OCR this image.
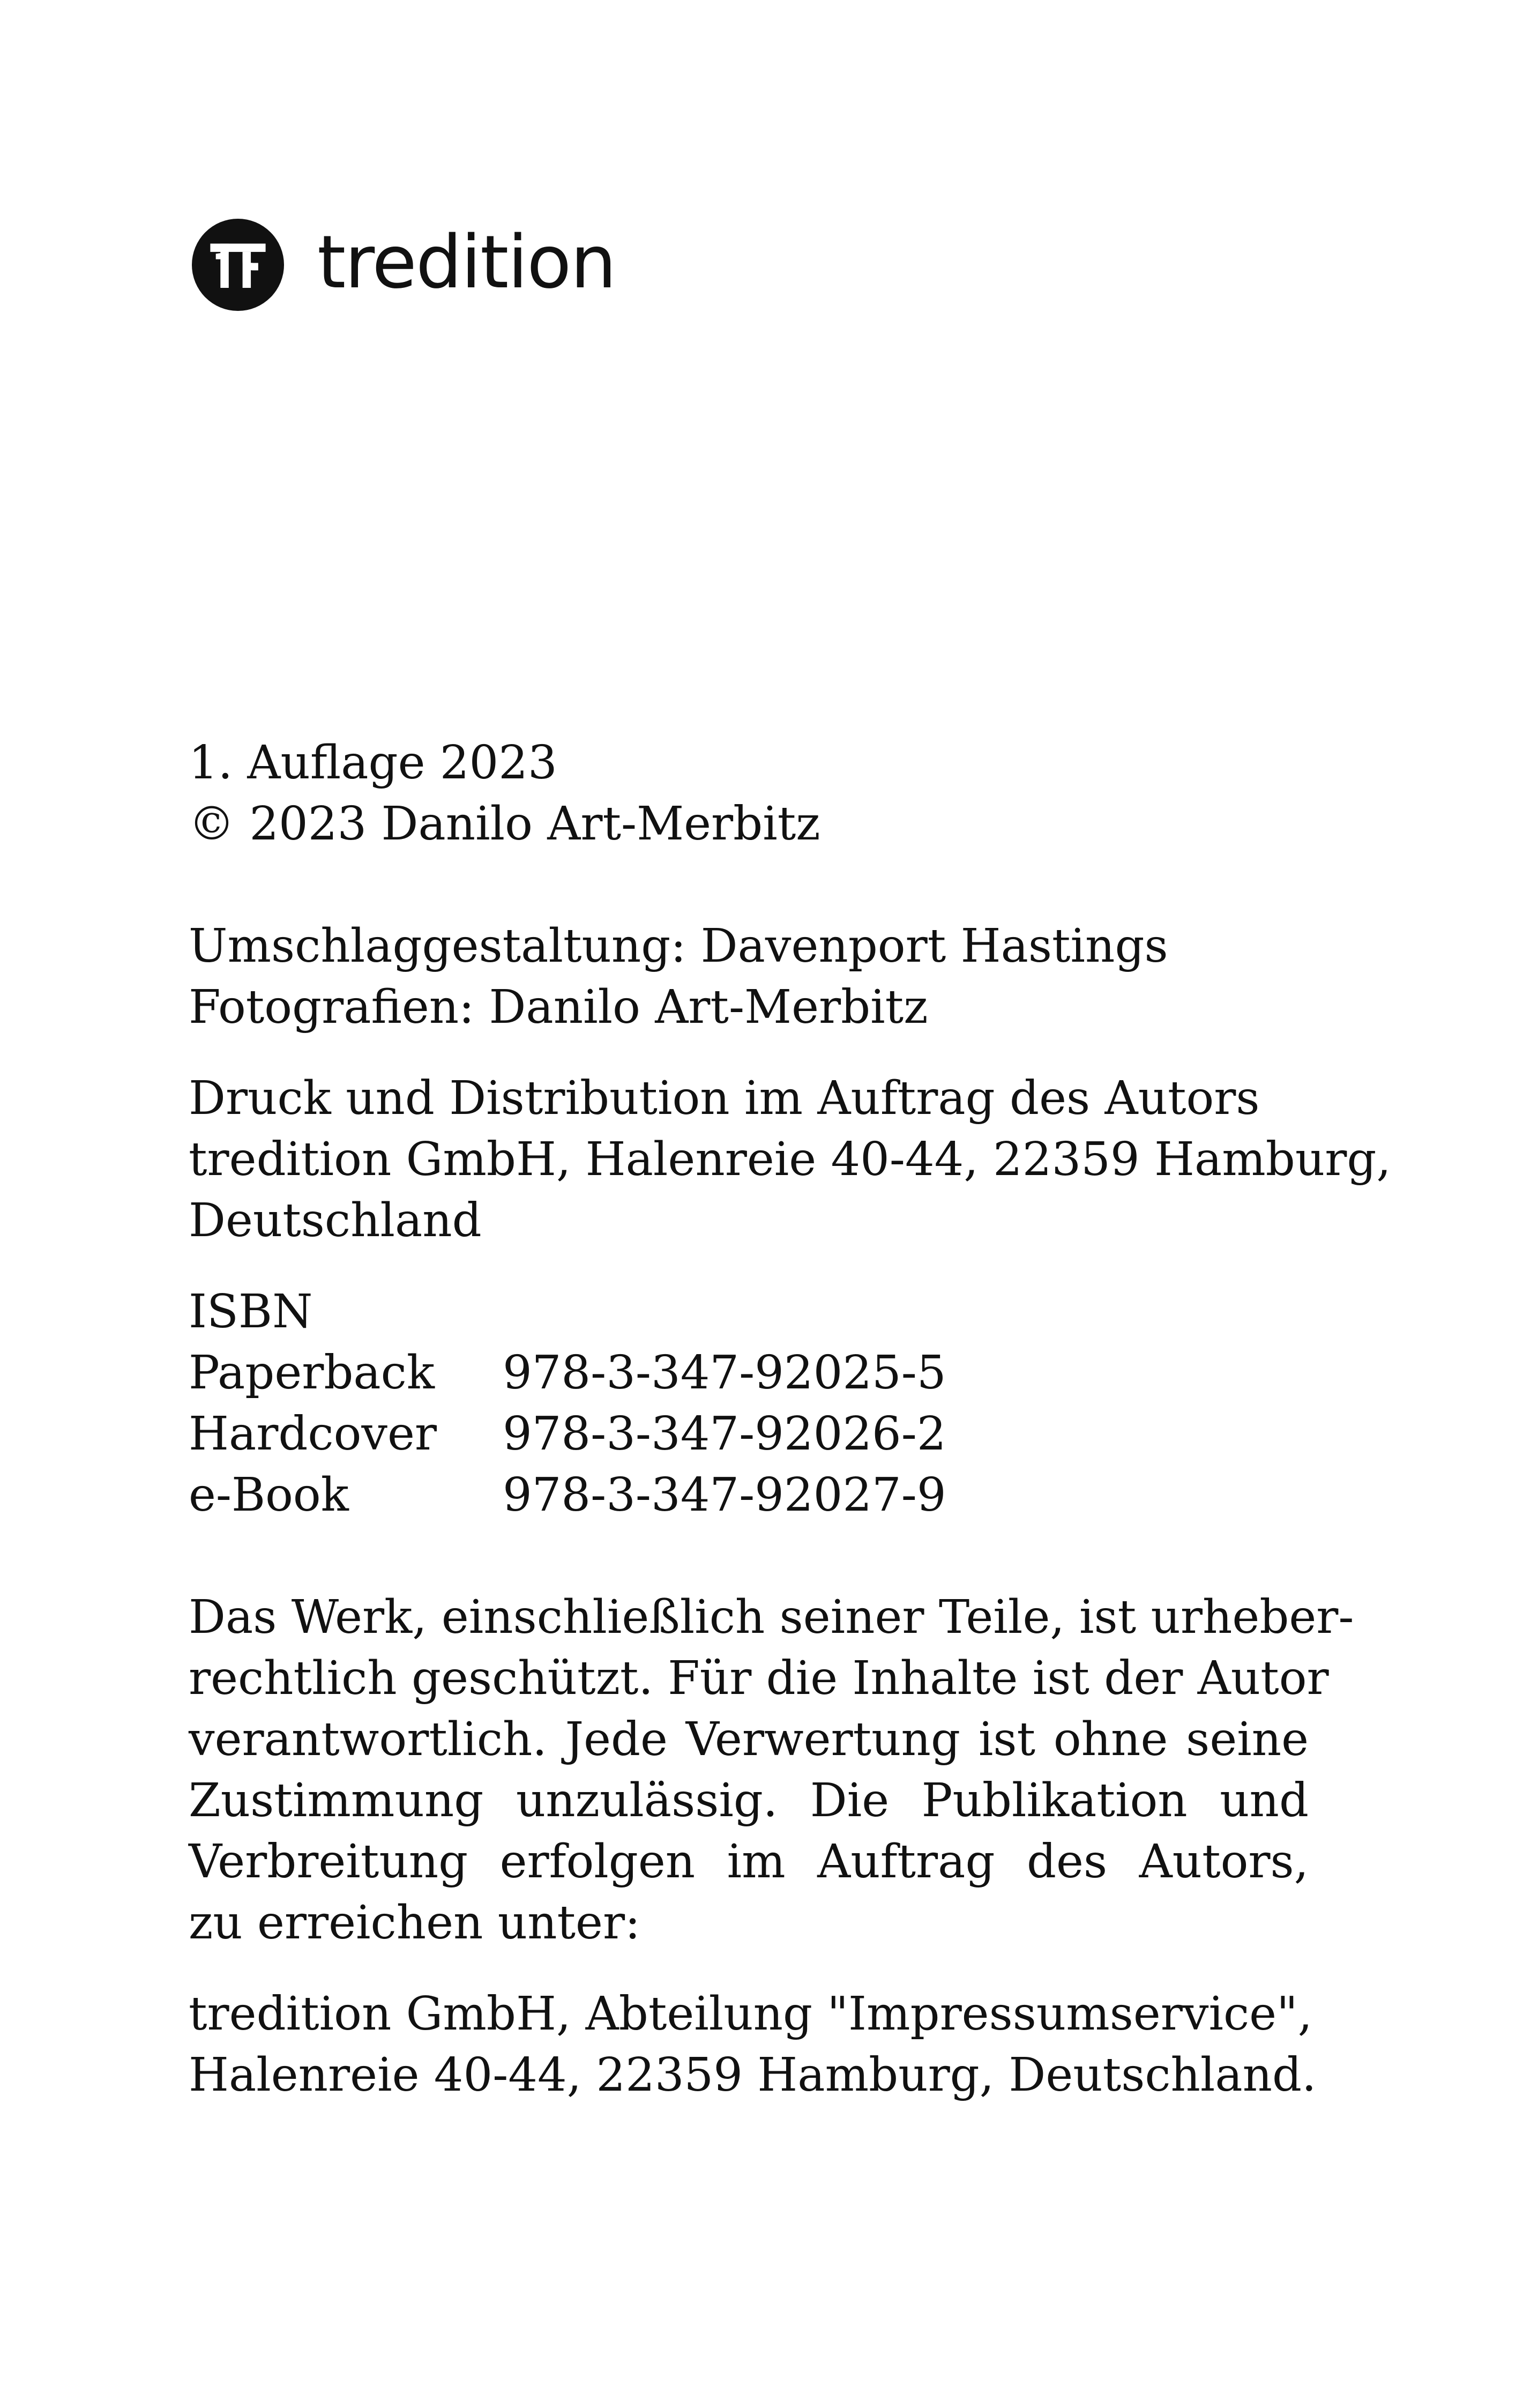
tredition
1. Auflage 2023
© 2023 Danilo Art-Merbitz
Umschlaggestaltung: Davenport Hastings
Fotografien: Danilo Art-Merbitz
Druck und Distribution im Auftrag des Autors
tredition GmbH, Halenreie 40-44, 22359 Hamburg,
Deutschland
ISBN
Paperback	978-3-347-92025-5
Hardcover	978-3-347-92026-2
e-Book	978-3-347-92027-9
Das Werk, einschließlich seiner Teile, ist urheber-
rechtlich geschützt. Für die Inhalte ist der Autor
verantwortlich. Jede Verwertung ist ohne seine
Zustimmung unzulässig. Die Publikation und
Verbreitung erfolgen im Auftrag des Autors,
zu erreichen unter:
tredition GmbH, Abteilung "Impressumservice",
Halenreie 40-44, 22359 Hamburg, Deutschland.
